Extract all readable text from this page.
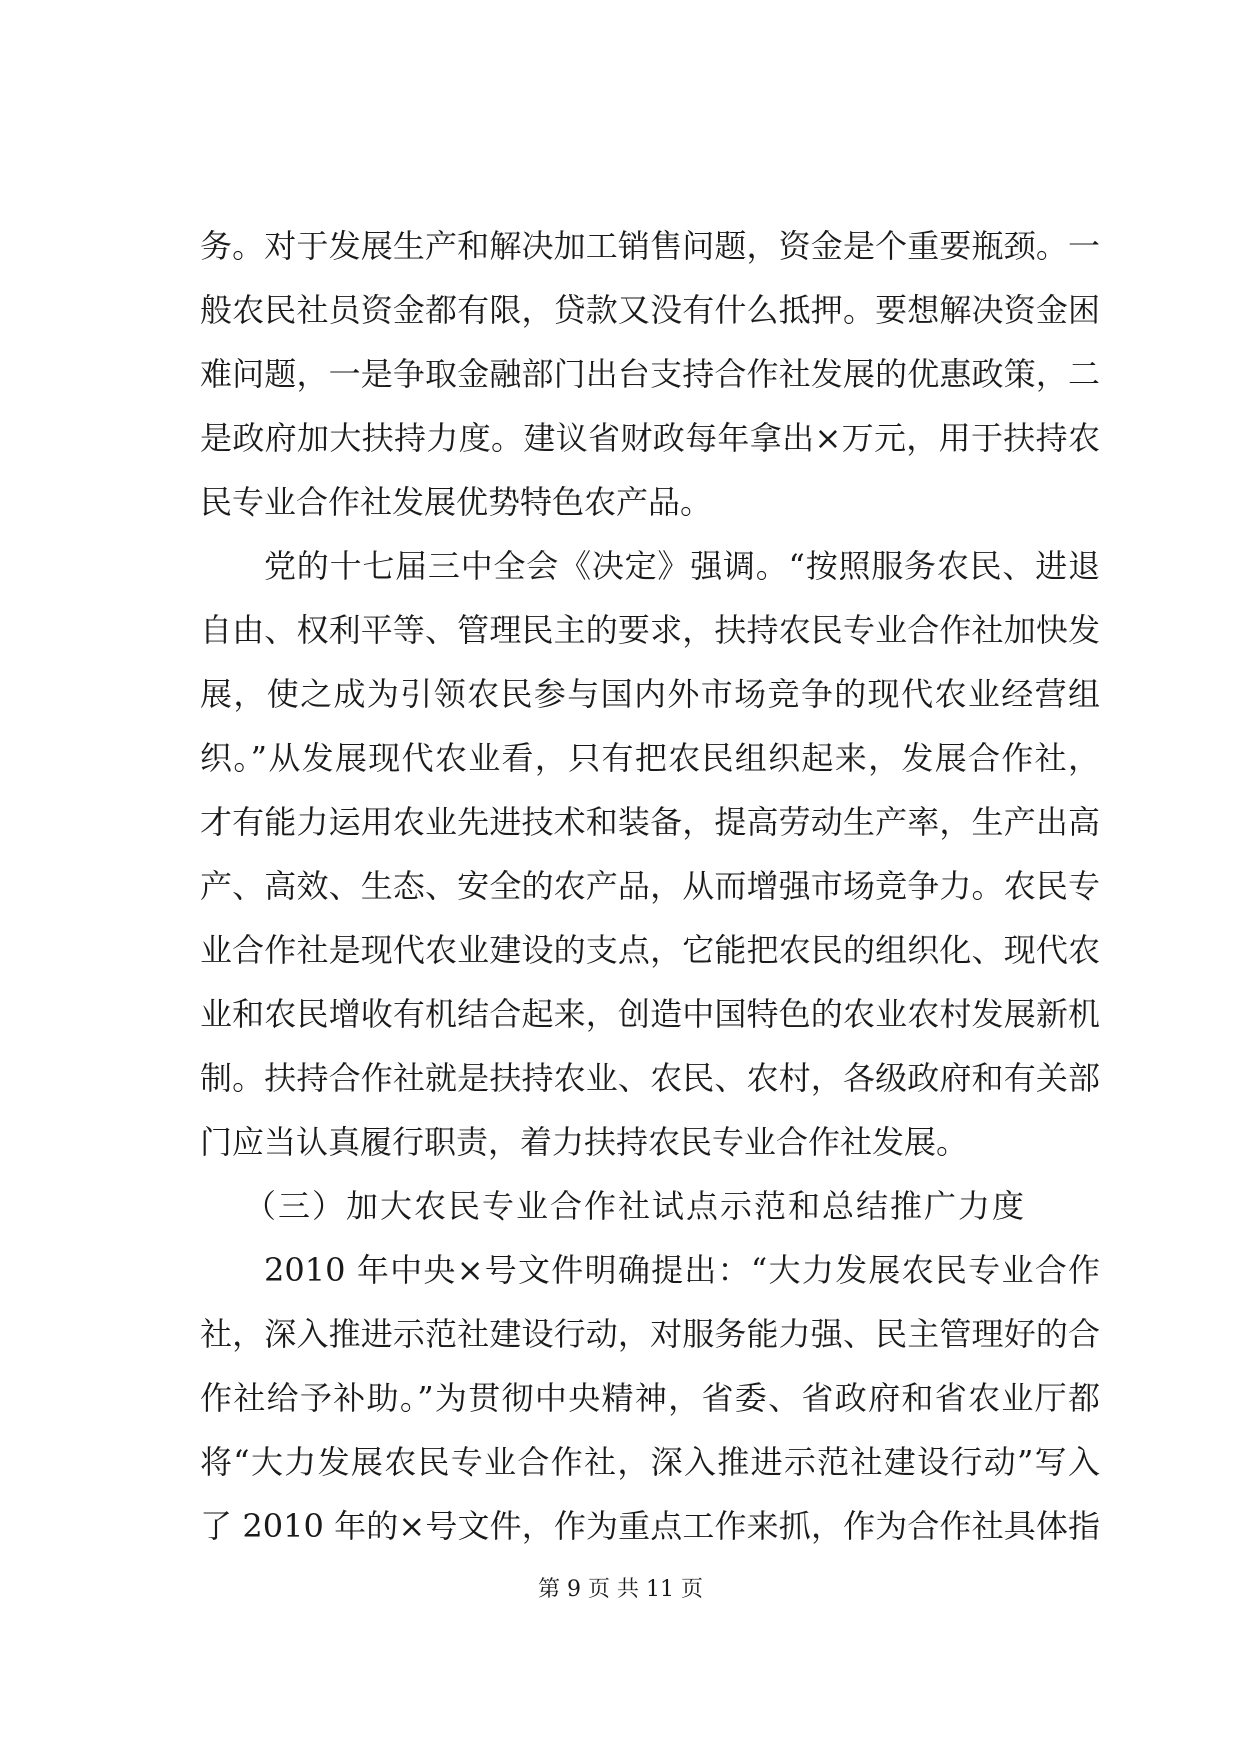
务。对于发展生产和解决加工销售问题，资金是个重要瓶颈。一
般农民社员资金都有限，贷款又没有什么抵押。要想解决资金困
难问题，一是争取金融部门出台支持合作社发展的优惠政策，二
是政府加大扶持力度。建议省财政每年拿出×万元，用于扶持农
民专业合作社发展优势特色农产品。
党的十七届三中全会《决定》强调。“按照服务农民、进退
自由、权利平等、管理民主的要求，扶持农民专业合作社加快发
展，使之成为引领农民参与国内外市场竞争的现代农业经营组
织。”从发展现代农业看，只有把农民组织起来，发展合作社，
才有能力运用农业先进技术和装备，提高劳动生产率，生产出高
产、高效、生态、安全的农产品，从而增强市场竞争力。农民专
业合作社是现代农业建设的支点，它能把农民的组织化、现代农
业和农民增收有机结合起来，创造中国特色的农业农村发展新机
制。扶持合作社就是扶持农业、农民、农村，各级政府和有关部
门应当认真履行职责，着力扶持农民专业合作社发展。
（三）加大农民专业合作社试点示范和总结推广力度
2010 年中央×号文件明确提出：“大力发展农民专业合作
社，深入推进示范社建设行动，对服务能力强、民主管理好的合
作社给予补助。”为贯彻中央精神，省委、省政府和省农业厅都
将“大力发展农民专业合作社，深入推进示范社建设行动”写入
了 2010 年的×号文件，作为重点工作来抓，作为合作社具体指
第 9 页 共 11 页
